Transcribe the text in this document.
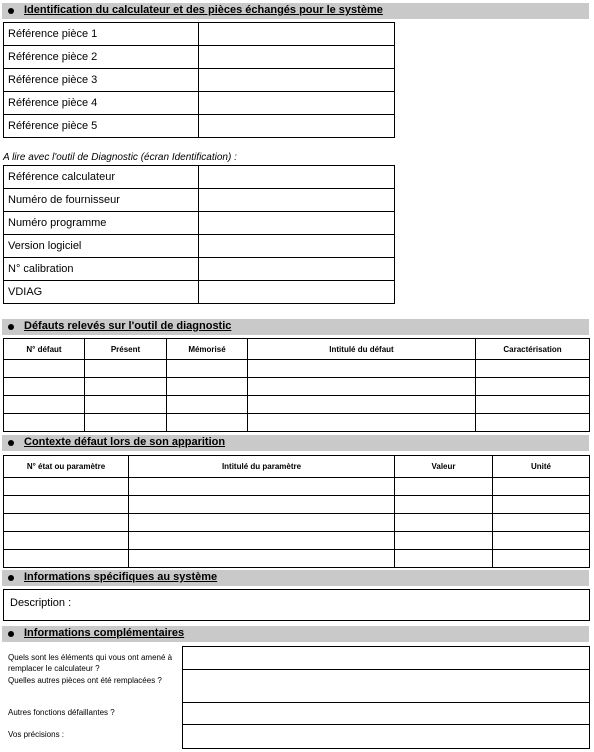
Identification du calculateur et des pièces échangés pour le système
Référence pièce 1	
Référence pièce 2	
Référence pièce 3	
Référence pièce 4	
Référence pièce 5	
A lire avec l'outil de Diagnostic (écran Identification) :
Référence calculateur	
Numéro de fournisseur	
Numéro programme	
Version logiciel	
N° calibration	
VDIAG	
Défauts relevés sur l'outil de diagnostic
N° défaut	Présent	Mémorisé	Intitulé du défaut	Caractérisation

Contexte défaut lors de son apparition
N° état ou paramètre	Intitulé du paramètre	Valeur	Unité

Informations spécifiques au système
Description :
Informations complémentaires
Quels sont les éléments qui vous ont amené à remplacer le calculateur ?
Quelles autres pièces ont été remplacées ?
Autres fonctions défaillantes ?
Vos précisions :
